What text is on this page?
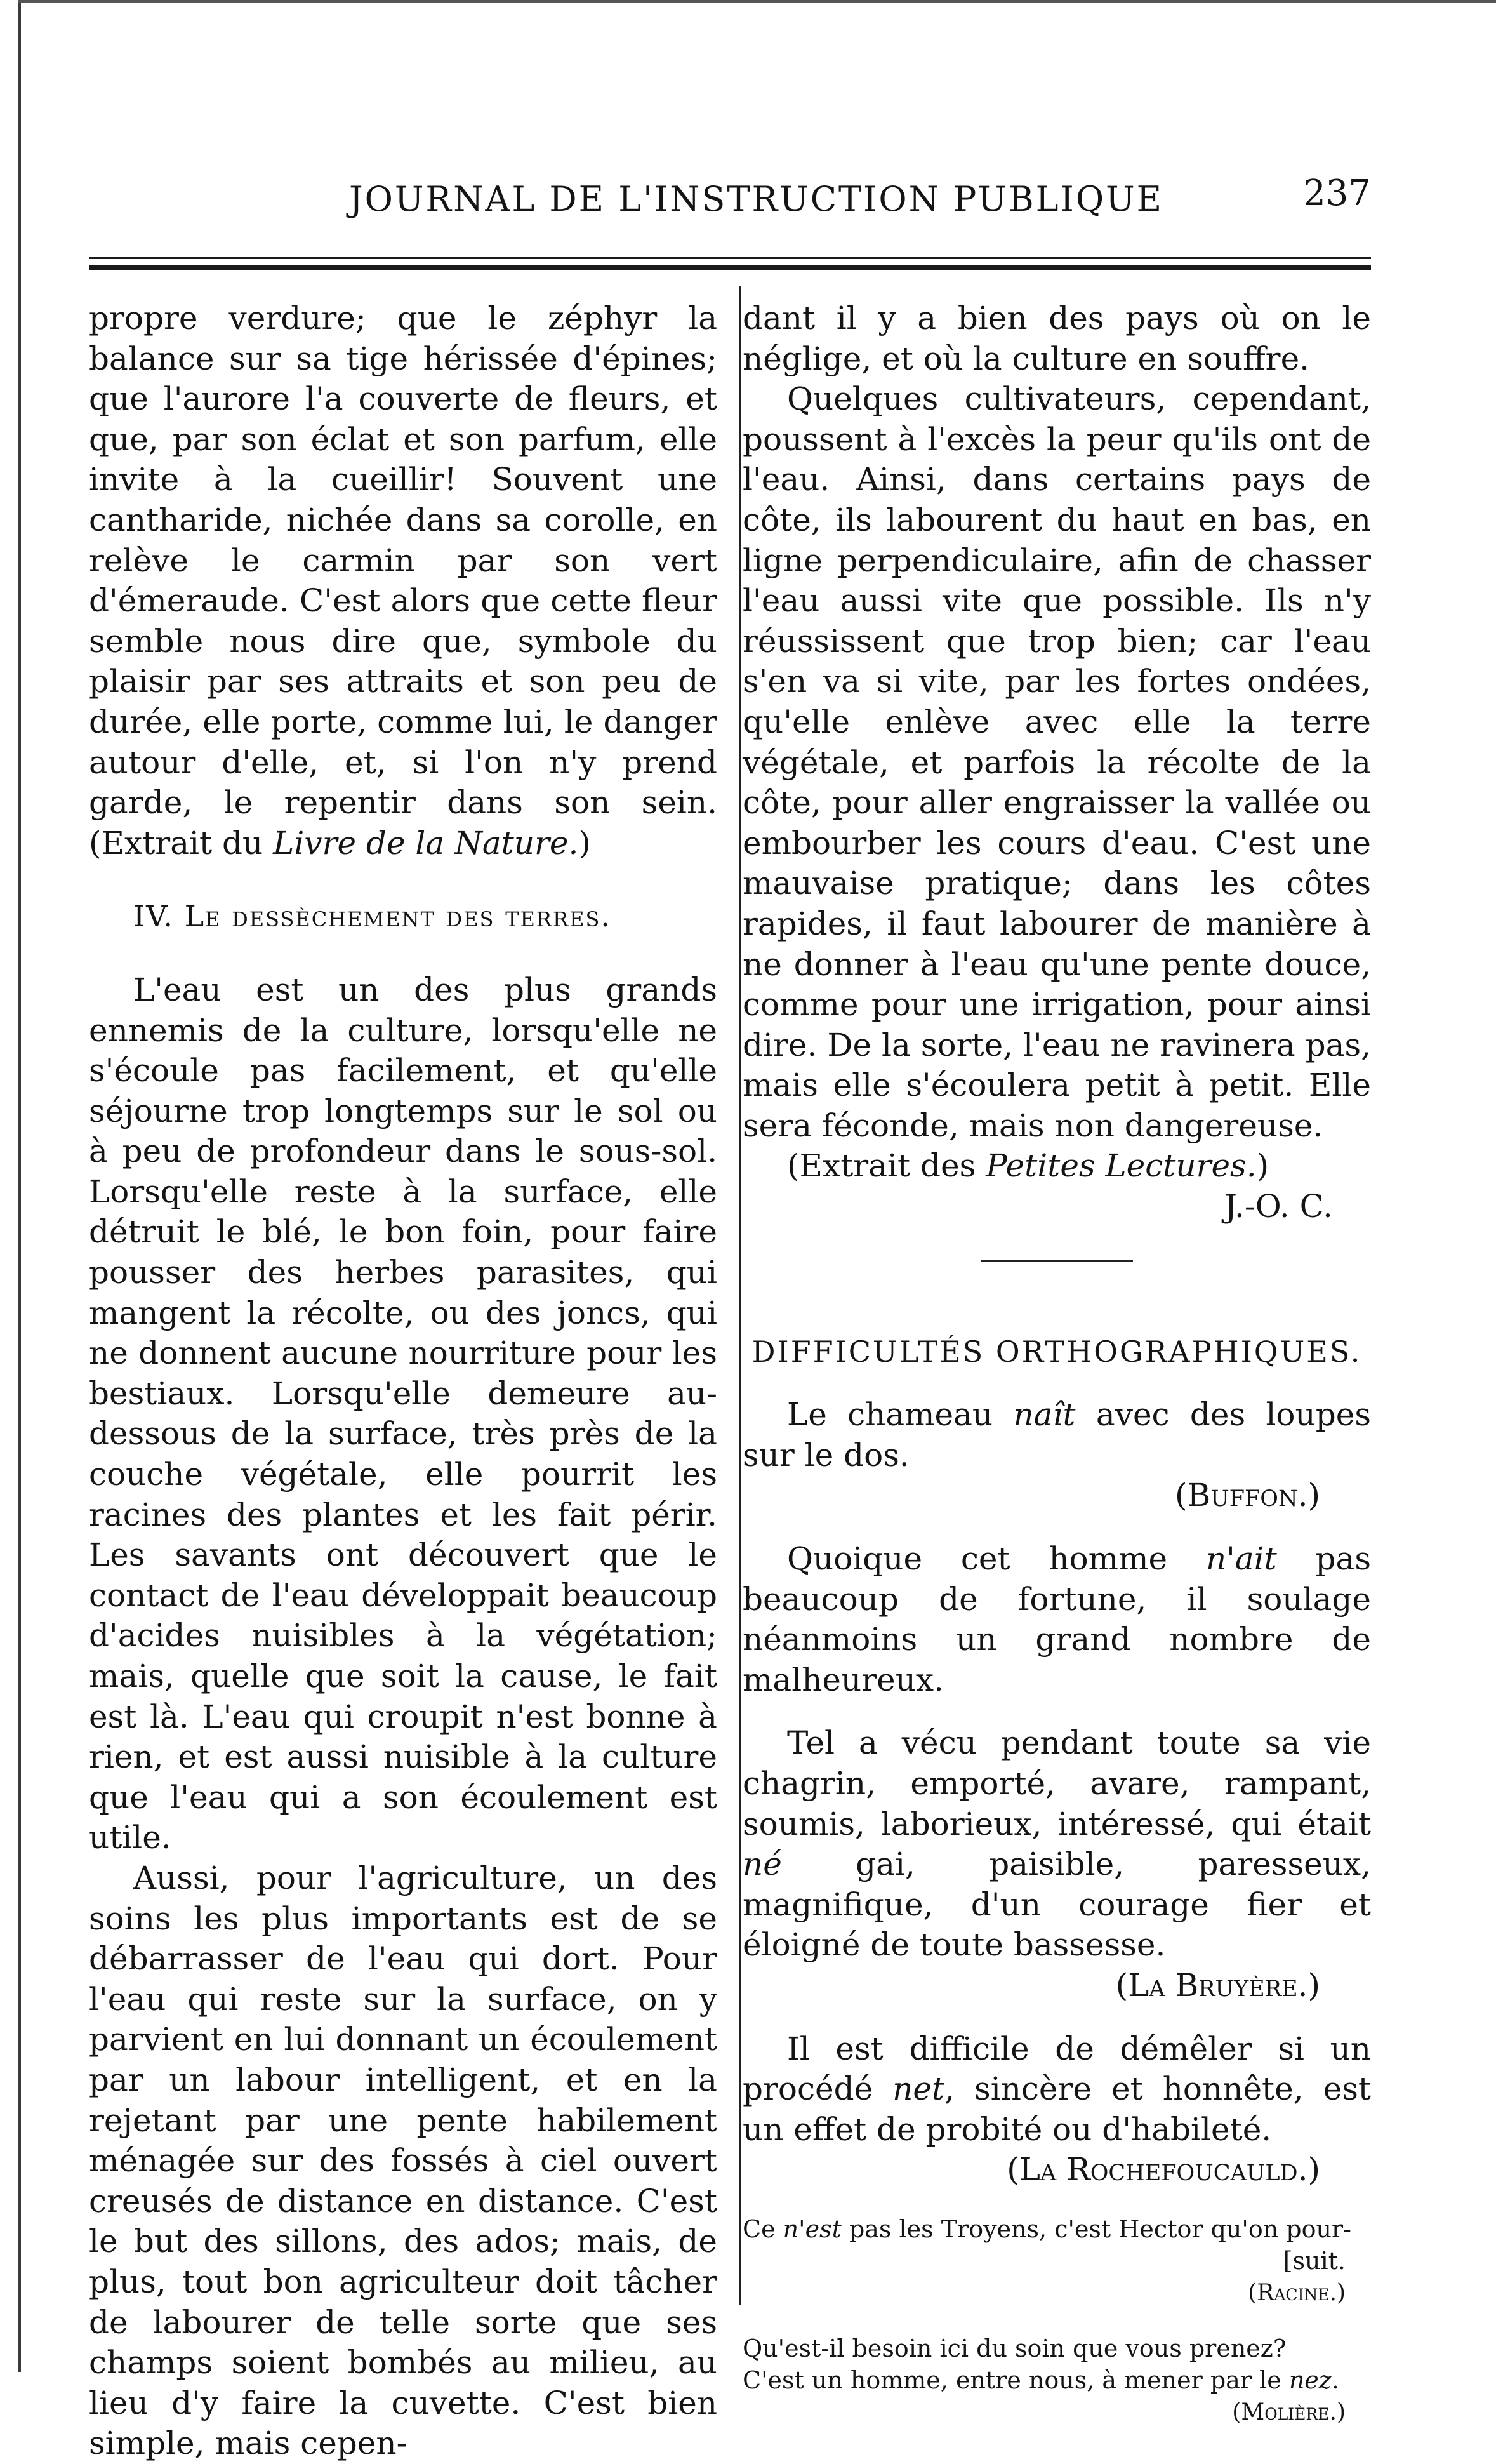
JOURNAL DE L'INSTRUCTION PUBLIQUE	237

propre verdure; que le zéphyr la balance sur sa tige hérissée d'épines; que l'aurore l'a couverte de fleurs, et que, par son éclat et son parfum, elle invite à la cueillir! Souvent une cantharide, nichée dans sa corolle, en relève le carmin par son vert d'émeraude. C'est alors que cette fleur semble nous dire que, symbole du plaisir par ses attraits et son peu de durée, elle porte, comme lui, le danger autour d'elle, et, si l'on n'y prend garde, le repentir dans son sein. (Extrait du Livre de la Nature.)

IV. Le dessèchement des terres.

L'eau est un des plus grands ennemis de la culture, lorsqu'elle ne s'écoule pas facilement, et qu'elle séjourne trop longtemps sur le sol ou à peu de profondeur dans le sous-sol. Lorsqu'elle reste à la surface, elle détruit le blé, le bon foin, pour faire pousser des herbes parasites, qui mangent la récolte, ou des joncs, qui ne donnent aucune nourriture pour les bestiaux. Lorsqu'elle demeure au-dessous de la surface, très près de la couche végétale, elle pourrit les racines des plantes et les fait périr. Les savants ont découvert que le contact de l'eau développait beaucoup d'acides nuisibles à la végétation; mais, quelle que soit la cause, le fait est là. L'eau qui croupit n'est bonne à rien, et est aussi nuisible à la culture que l'eau qui a son écoulement est utile.

Aussi, pour l'agriculture, un des soins les plus importants est de se débarrasser de l'eau qui dort. Pour l'eau qui reste sur la surface, on y parvient en lui donnant un écoulement par un labour intelligent, et en la rejetant par une pente habilement ménagée sur des fossés à ciel ouvert creusés de distance en distance. C'est le but des sillons, des ados; mais, de plus, tout bon agriculteur doit tâcher de labourer de telle sorte que ses champs soient bombés au milieu, au lieu d'y faire la cuvette. C'est bien simple, mais cepen-

dant il y a bien des pays où on le néglige, et où la culture en souffre.

Quelques cultivateurs, cependant, poussent à l'excès la peur qu'ils ont de l'eau. Ainsi, dans certains pays de côte, ils labourent du haut en bas, en ligne perpendiculaire, afin de chasser l'eau aussi vite que possible. Ils n'y réussissent que trop bien; car l'eau s'en va si vite, par les fortes ondées, qu'elle enlève avec elle la terre végétale, et parfois la récolte de la côte, pour aller engraisser la vallée ou embourber les cours d'eau. C'est une mauvaise pratique; dans les côtes rapides, il faut labourer de manière à ne donner à l'eau qu'une pente douce, comme pour une irrigation, pour ainsi dire. De la sorte, l'eau ne ravinera pas, mais elle s'écoulera petit à petit. Elle sera féconde, mais non dangereuse.

(Extrait des Petites Lectures.)

J.-O. C.

DIFFICULTÉS ORTHOGRAPHIQUES.

Le chameau naît avec des loupes sur le dos.

(Buffon.)

Quoique cet homme n'ait pas beaucoup de fortune, il soulage néanmoins un grand nombre de malheureux.

Tel a vécu pendant toute sa vie chagrin, emporté, avare, rampant, soumis, laborieux, intéressé, qui était né gai, paisible, paresseux, magnifique, d'un courage fier et éloigné de toute bassesse.

(La Bruyère.)

Il est difficile de démêler si un procédé net, sincère et honnête, est un effet de probité ou d'habileté.

(La Rochefoucauld.)

Ce n'est pas les Troyens, c'est Hector qu'on pour-

[suit.

(Racine.)

Qu'est-il besoin ici du soin que vous prenez?

C'est un homme, entre nous, à mener par le nez.

(Molière.)
